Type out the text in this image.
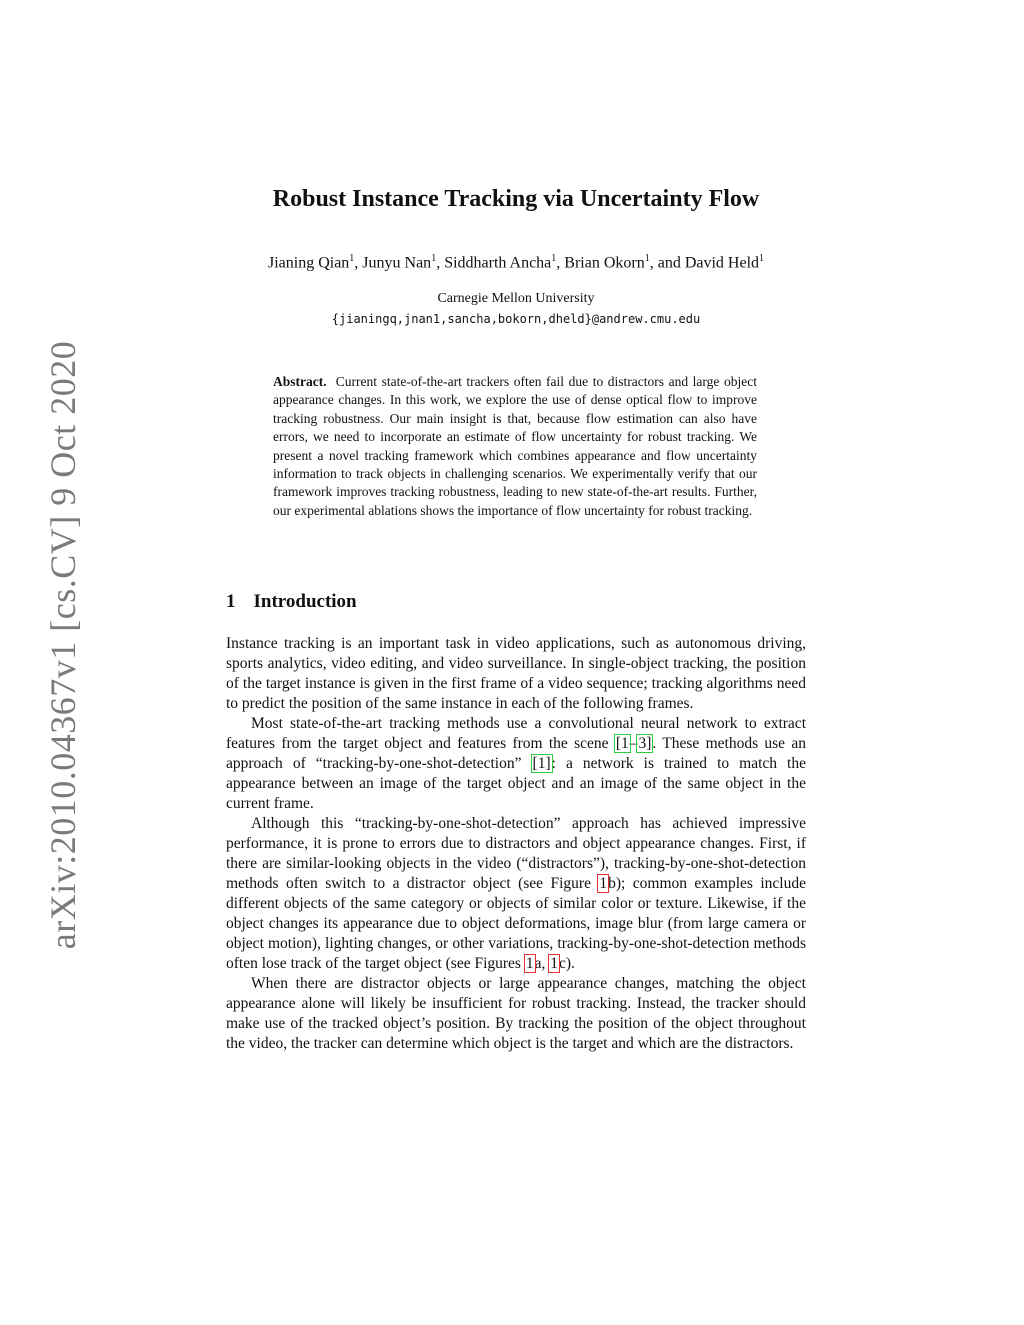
arXiv:2010.04367v1 [cs.CV] 9 Oct 2020
Robust Instance Tracking via Uncertainty Flow
Jianing Qian$^1$, Junyu Nan$^1$, Siddharth Ancha$^1$, Brian Okorn$^1$, and David Held$^1$
Carnegie Mellon University
{jianingq,jnan1,sancha,bokorn,dheld}@andrew.cmu.edu
Abstract. Current state-of-the-art trackers often fail due to distractors and large object appearance changes. In this work, we explore the use of dense optical flow to improve tracking robustness. Our main insight is that, because flow estimation can also have errors, we need to incorporate an estimate of flow uncertainty for robust tracking. We present a novel tracking framework which combines appearance and flow uncertainty information to track objects in challenging scenarios. We experimentally verify that our framework improves tracking robustness, leading to new state-of-the-art results. Further, our experimental ablations shows the importance of flow uncertainty for robust tracking.
1 Introduction

Instance tracking is an important task in video applications, such as autonomous driving, sports analytics, video editing, and video surveillance. In single-object tracking, the position of the target instance is given in the first frame of a video sequence; tracking algorithms need to predict the position of the same instance in each of the following frames.

Most state-of-the-art tracking methods use a convolutional neural network to extract features from the target object and features from the scene [1–3]. These methods use an approach of “tracking-by-one-shot-detection” [1]: a network is trained to match the appearance between an image of the target object and an image of the same object in the current frame.

Although this “tracking-by-one-shot-detection” approach has achieved impressive performance, it is prone to errors due to distractors and object appearance changes. First, if there are similar-looking objects in the video (“distractors”), tracking-by-one-shot-detection methods often switch to a distractor object (see Figure 1b); common examples include different objects of the same category or objects of similar color or texture. Likewise, if the object changes its appearance due to object deformations, image blur (from large camera or object motion), lighting changes, or other variations, tracking-by-one-shot-detection methods often lose track of the target object (see Figures 1a, 1c).

When there are distractor objects or large appearance changes, matching the object appearance alone will likely be insufficient for robust tracking. Instead, the tracker should make use of the tracked object’s position. By tracking the position of the object throughout the video, the tracker can determine which object is the target and which are the distractors.
